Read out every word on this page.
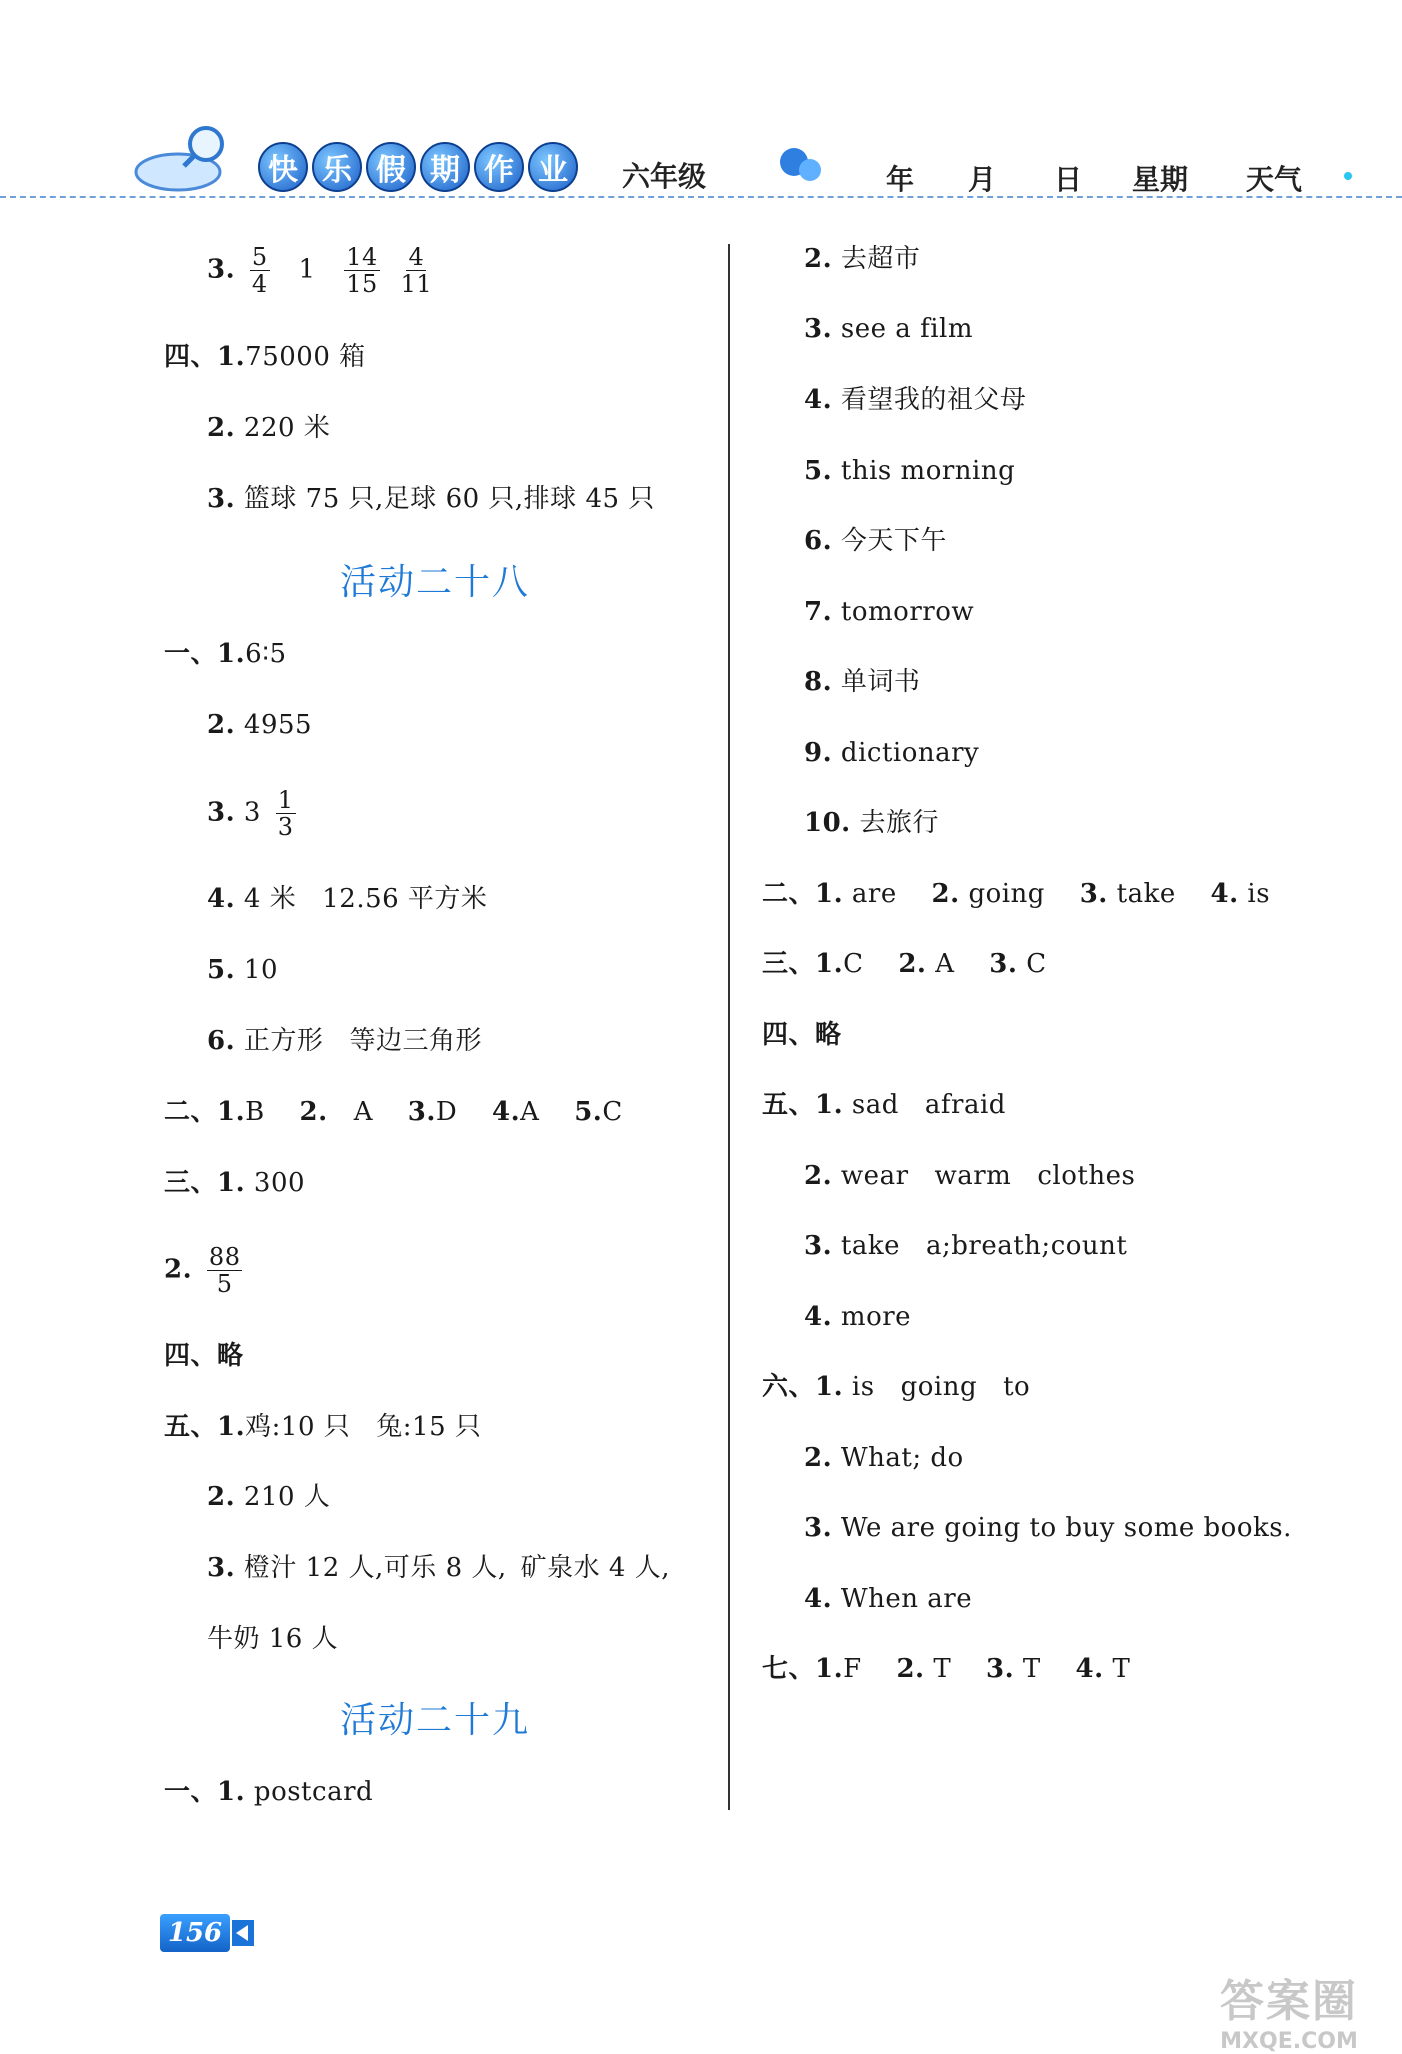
快 乐 假 期 作 业	六年级	年 月 日 星期 天气
3. $\frac{5}{4} 1 \frac{14}{15}$
$\frac{4}{11}$
四、1.75000 箱
2. 220 米
3. 篮球 75 只,足球 60 只,排球 45 只
活动二十八
一、1.6∶5
2. 4955
3. $3 \frac{1}{3}$
4. 4 米 12.56 平方米
5. 10
6. 正方形 等边三角形
二、1.B 2. A 3.D 4.A 5.C
三、1. 300
2. $\frac{88}{5}$
四、略
五、1.鸡:10 只 兔:15 只
2. 210 人
3. 橙汁 12 人,可乐 8 人, 矿泉水 4 人,
牛奶 16 人
活动二十九
一、1. postcard
2. 去超市
3. see a film
4. 看望我的祖父母
5. this morning
6. 今天下午
7. tomorrow
8. 单词书
9. dictionary
10. 去旅行
二、1. are 2. going 3. take 4. is
三、1.C 2. A 3. C
四、略
五、1. sad afraid
2. wear warm clothes
3. take a;breath;count
4. more
六、1. is going to
2. What; do
3. We are going to buy some books.
4. When are
七、1.F 2. T 3. T 4. T
156
答案圈
MXQE.COM
